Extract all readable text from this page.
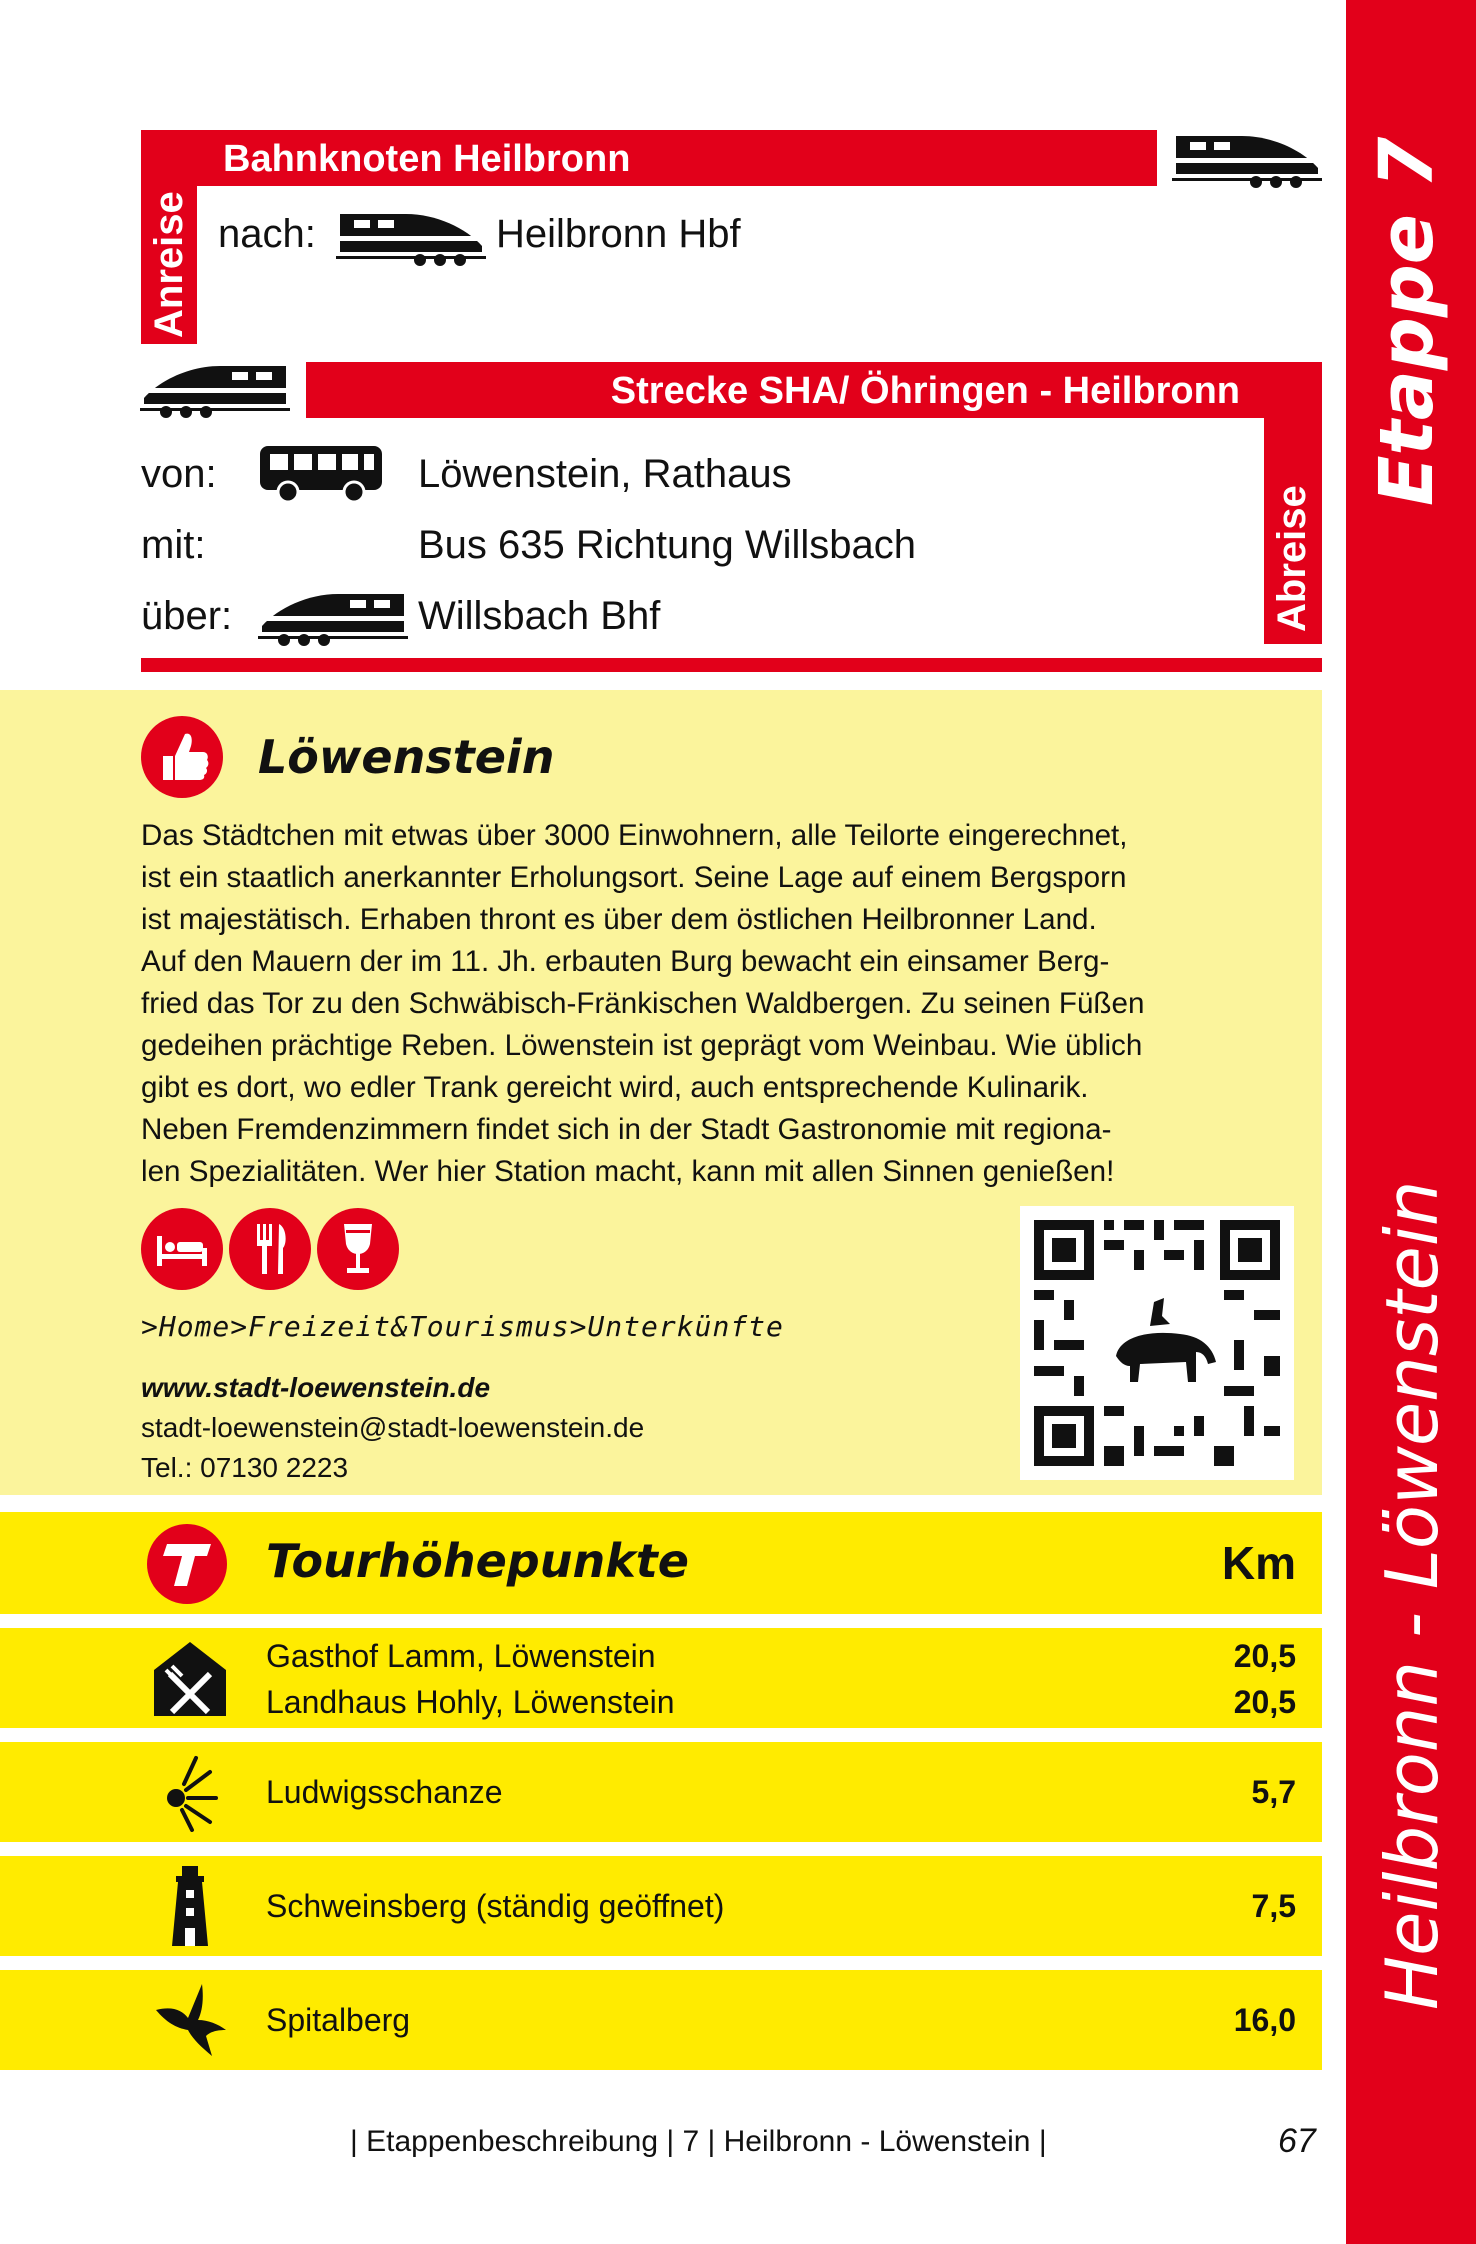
Etappe 7
Heilbronn - Löwenstein
Anreise
Bahnknoten Heilbronn
nach:	Heilbronn Hbf
Strecke SHA/ Öhringen - Heilbronn
Abreise
von:	Löwenstein, Rathaus
mit:	Bus 635 Richtung Willsbach
über:	Willsbach Bhf
Löwenstein

Das Städtchen mit etwas über 3000 Einwohnern, alle Teilorte eingerechnet,

ist ein staatlich anerkannter Erholungsort. Seine Lage auf einem Bergsporn

ist majestätisch. Erhaben thront es über dem östlichen Heilbronner Land.

Auf den Mauern der im 11. Jh. erbauten Burg bewacht ein einsamer Berg-

fried das Tor zu den Schwäbisch-Fränkischen Waldbergen. Zu seinen Füßen

gedeihen prächtige Reben. Löwenstein ist geprägt vom Weinbau. Wie üblich

gibt es dort, wo edler Trank gereicht wird, auch entsprechende Kulinarik.

Neben Fremdenzimmern findet sich in der Stadt Gastronomie mit regiona-

len Spezialitäten. Wer hier Station macht, kann mit allen Sinnen genießen!

>Home>Freizeit&Tourismus>Unterkünfte
www.stadt-loewenstein.de
stadt-loewenstein@stadt-loewenstein.de
Tel.: 07130 2223
Tourhöhepunkte	Km
Gasthof Lamm, Löwenstein	20,5
Landhaus Hohly, Löwenstein	20,5
Ludwigsschanze	5,7
Schweinsberg (ständig geöffnet)	7,5
Spitalberg	16,0
| Etappenbeschreibung | 7 | Heilbronn - Löwenstein |	67
